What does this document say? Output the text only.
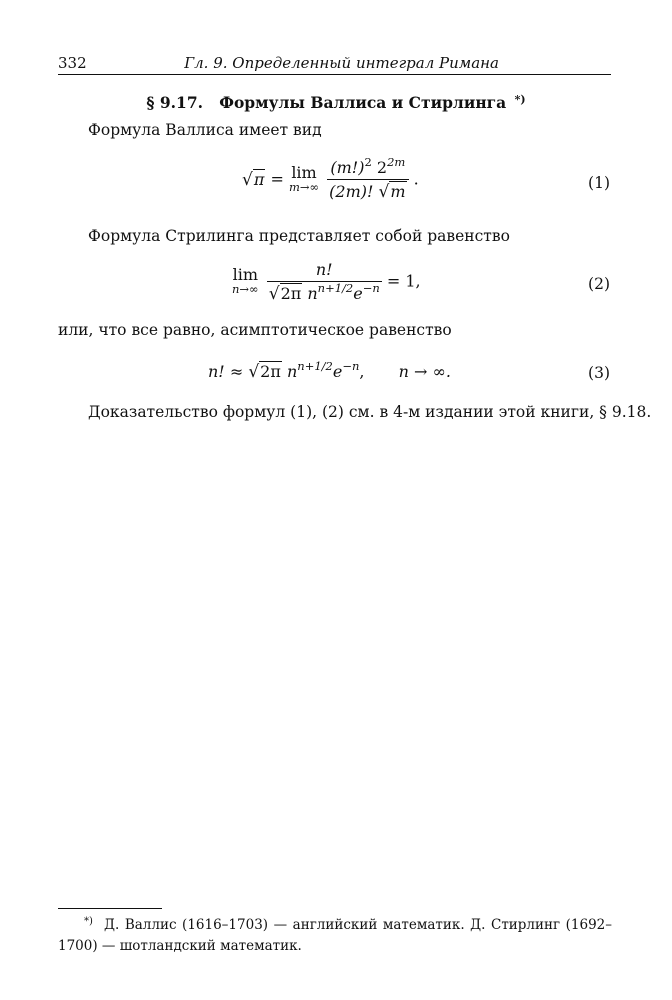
332	Гл. 9. Определенный интеграл Римана
§ 9.17. Формулы Валлиса и Стирлинга *)
Формула Валлиса имеет вид
√π = lim
m→∞
$\frac{(m!)^2 2^{2m}}{(2m)! √m}$ .	(1)
Формула Стрилинга представляет собой равенство
lim
n→∞
$\frac{n!}{√2\pi n^{n+1/2}e^{-n}} = 1$,	(2)
или, что все равно, асимптотическое равенство
n! ≈ √2π $n^{n+1/2}e^{-n}$, n → ∞.	(3)
Доказательство формул (1), (2) см. в 4-м издании этой книги, § 9.18.
*) Д. Валлис (1616–1703) — английский математик. Д. Стирлинг (1692–1700) — шотландский математик.
